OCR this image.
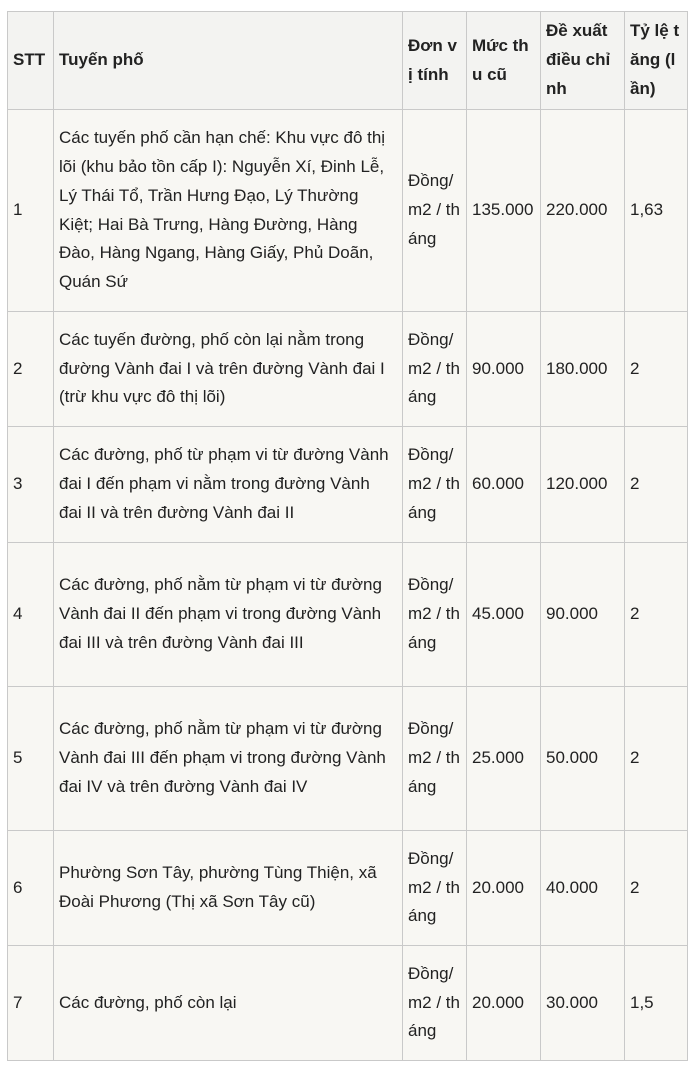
STT	Tuyến phố	Đơn vị tính	Mức thu cũ	Đề xuất điều chỉnh	Tỷ lệ tăng (lần)
1	Các tuyến phố cần hạn chế: Khu vực đô thị lõi (khu bảo tồn cấp I): Nguyễn Xí, Đinh Lễ, Lý Thái Tổ, Trần Hưng Đạo, Lý Thường Kiệt; Hai Bà Trưng, Hàng Đường, Hàng Đào, Hàng Ngang, Hàng Giấy, Phủ Doãn, Quán Sứ	Đồng/ m2 / tháng	135.000	220.000	1,63
2	Các tuyến đường, phố còn lại nằm trong đường Vành đai I và trên đường Vành đai I (trừ khu vực đô thị lõi)	Đồng/ m2 / tháng	90.000	180.000	2
3	Các đường, phố từ phạm vi từ đường Vành đai I đến phạm vi nằm trong đường Vành đai II và trên đường Vành đai II	Đồng/ m2 / tháng	60.000	120.000	2
4	Các đường, phố nằm từ phạm vi từ đường Vành đai II đến phạm vi trong đường Vành đai III và trên đường Vành đai III	Đồng/ m2 / tháng	45.000	90.000	2
5	Các đường, phố nằm từ phạm vi từ đường Vành đai III đến phạm vi trong đường Vành đai IV và trên đường Vành đai IV	Đồng/ m2 / tháng	25.000	50.000	2
6	Phường Sơn Tây, phường Tùng Thiện, xã Đoài Phương (Thị xã Sơn Tây cũ)	Đồng/ m2 / tháng	20.000	40.000	2
7	Các đường, phố còn lại	Đồng/ m2 / tháng	20.000	30.000	1,5
